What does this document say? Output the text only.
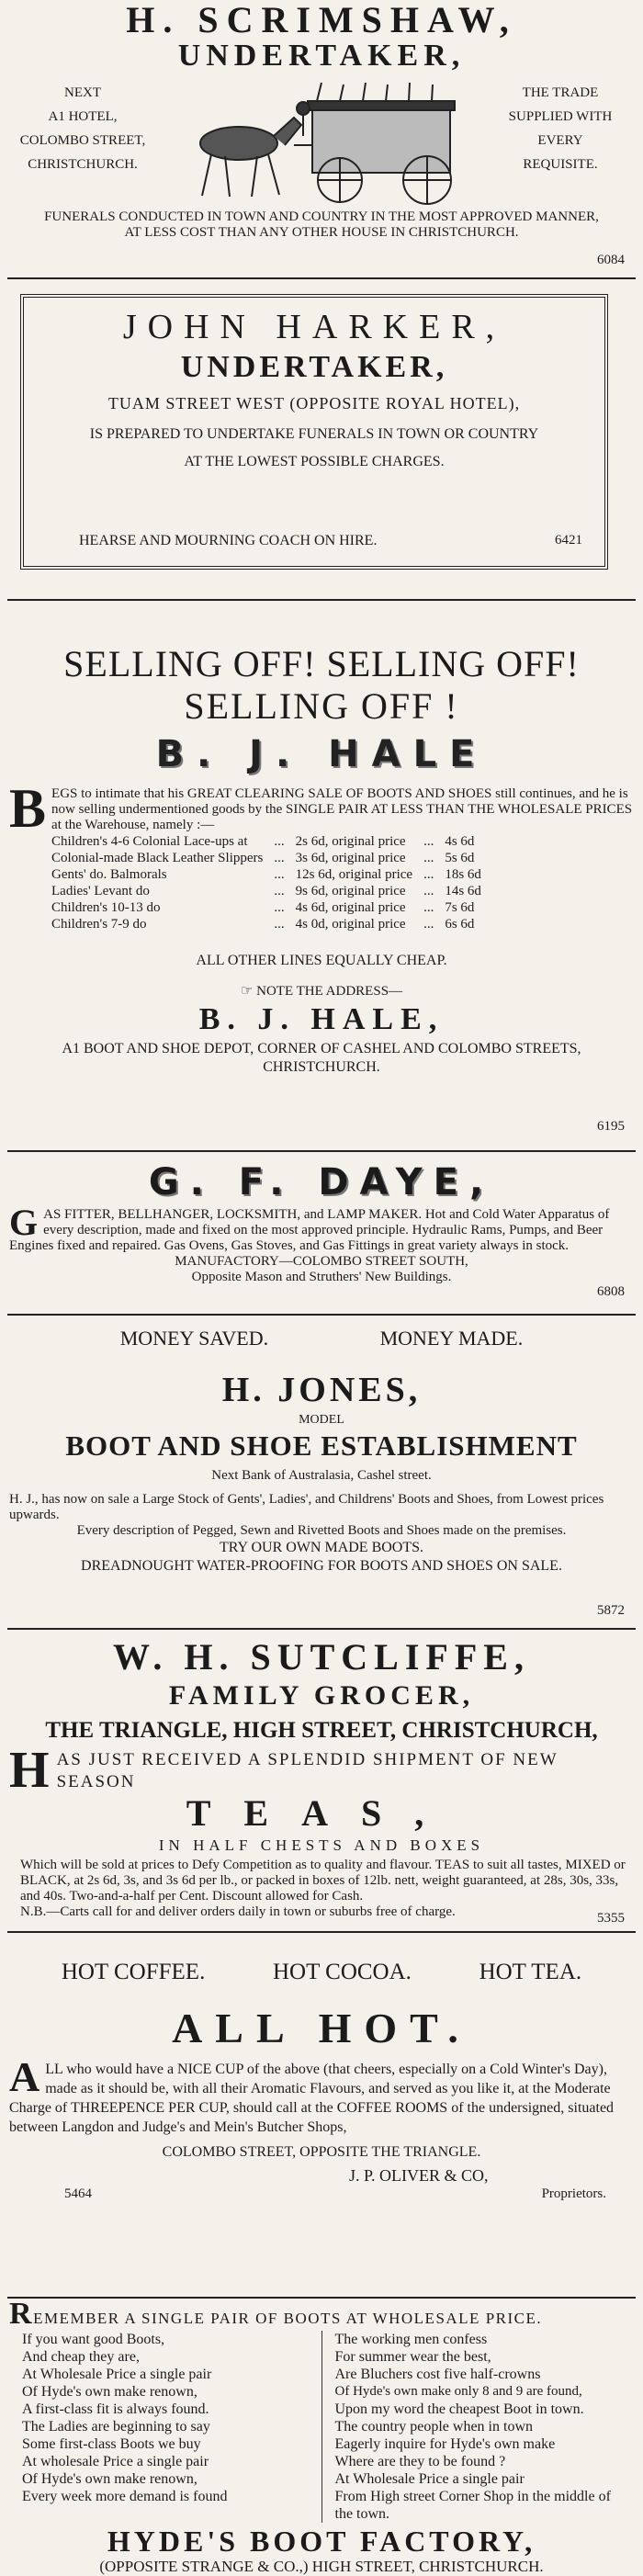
H. SCRIMSHAW,
UNDERTAKER,
NEXT
A1 HOTEL,
COLOMBO STREET,
CHRISTCHURCH.
THE TRADE
SUPPLIED WITH
EVERY
REQUISITE.
FUNERALS CONDUCTED IN TOWN AND COUNTRY IN THE MOST APPROVED MANNER, AT LESS COST THAN ANY OTHER HOUSE IN CHRISTCHURCH.
6084
JOHN HARKER,
UNDERTAKER,
TUAM STREET WEST (OPPOSITE ROYAL HOTEL),
IS PREPARED TO UNDERTAKE FUNERALS IN TOWN OR COUNTRY
AT THE LOWEST POSSIBLE CHARGES.
HEARSE AND MOURNING COACH ON HIRE.	6421
SELLING OFF! SELLING OFF!
SELLING OFF !
B. J. HALE
B EGS to intimate that his GREAT CLEARING SALE OF BOOTS AND SHOES still continues, and he is now selling undermentioned goods by the SINGLE PAIR AT LESS THAN THE WHOLESALE PRICES at the Warehouse, namely :—
Children's 4-6 Colonial Lace-ups at	...	2s 6d, original price	...	4s 6d
Colonial-made Black Leather Slippers	...	3s 6d, original price	...	5s 6d
Gents' do. Balmorals	...	12s 6d, original price	...	18s 6d
Ladies' Levant do	...	9s 6d, original price	...	14s 6d
Children's 10-13 do	...	4s 6d, original price	...	7s 6d
Children's 7-9 do	...	4s 0d, original price	...	6s 6d
ALL OTHER LINES EQUALLY CHEAP.
☞ NOTE THE ADDRESS—
B. J. HALE,
A1 BOOT AND SHOE DEPOT, CORNER OF CASHEL AND COLOMBO STREETS,
CHRISTCHURCH.
6195
G. F. DAYE,
G AS FITTER, BELLHANGER, LOCKSMITH, and LAMP MAKER. Hot and Cold Water Apparatus of every description, made and fixed on the most approved principle. Hydraulic Rams, Pumps, and Beer Engines fixed and repaired. Gas Ovens, Gas Stoves, and Gas Fittings in great variety always in stock.
MANUFACTORY—COLOMBO STREET SOUTH,
Opposite Mason and Struthers' New Buildings.
6808
MONEY SAVED.	MONEY MADE.
H. JONES,
MODEL
BOOT AND SHOE ESTABLISHMENT
Next Bank of Australasia, Cashel street.
H. J., has now on sale a Large Stock of Gents', Ladies', and Childrens' Boots and Shoes, from Lowest prices upwards.
Every description of Pegged, Sewn and Rivetted Boots and Shoes made on the premises.
TRY OUR OWN MADE BOOTS.
DREADNOUGHT WATER-PROOFING FOR BOOTS AND SHOES ON SALE.
5872
W. H. SUTCLIFFE,
FAMILY GROCER,
THE TRIANGLE, HIGH STREET, CHRISTCHURCH,
H AS JUST RECEIVED A SPLENDID SHIPMENT OF NEW SEASON
TEAS,
IN HALF CHESTS AND BOXES
Which will be sold at prices to Defy Competition as to quality and flavour. TEAS to suit all tastes, MIXED or BLACK, at 2s 6d, 3s, and 3s 6d per lb., or packed in boxes of 12lb. nett, weight guaranteed, at 28s, 30s, 33s, and 40s. Two-and-a-half per Cent. Discount allowed for Cash.
N.B.—Carts call for and deliver orders daily in town or suburbs free of charge.	5355
HOT COFFEE.	HOT COCOA.	HOT TEA.
ALL HOT.
A LL who would have a NICE CUP of the above (that cheers, especially on a Cold Winter's Day), made as it should be, with all their Aromatic Flavours, and served as you like it, at the Moderate Charge of THREEPENCE PER CUP, should call at the COFFEE ROOMS of the undersigned, situated between Langdon and Judge's and Mein's Butcher Shops,
COLOMBO STREET, OPPOSITE THE TRIANGLE.
J. P. OLIVER & CO,
5464	Proprietors.
REMEMBER A SINGLE PAIR OF BOOTS AT WHOLESALE PRICE.

If you want good Boots,

And cheap they are,

At Wholesale Price a single pair

Of Hyde's own make renown,

A first-class fit is always found.

The Ladies are beginning to say

Some first-class Boots we buy

At wholesale Price a single pair

Of Hyde's own make renown,

Every week more demand is found

The working men confess

For summer wear the best,

Are Bluchers cost five half-crowns

Of Hyde's own make only 8 and 9 are found,

Upon my word the cheapest Boot in town.

The country people when in town

Eagerly inquire for Hyde's own make

Where are they to be found ?

At Wholesale Price a single pair

From High street Corner Shop in the middle of the town.

HYDE'S BOOT FACTORY,
(OPPOSITE STRANGE & CO.,) HIGH STREET, CHRISTCHURCH.
